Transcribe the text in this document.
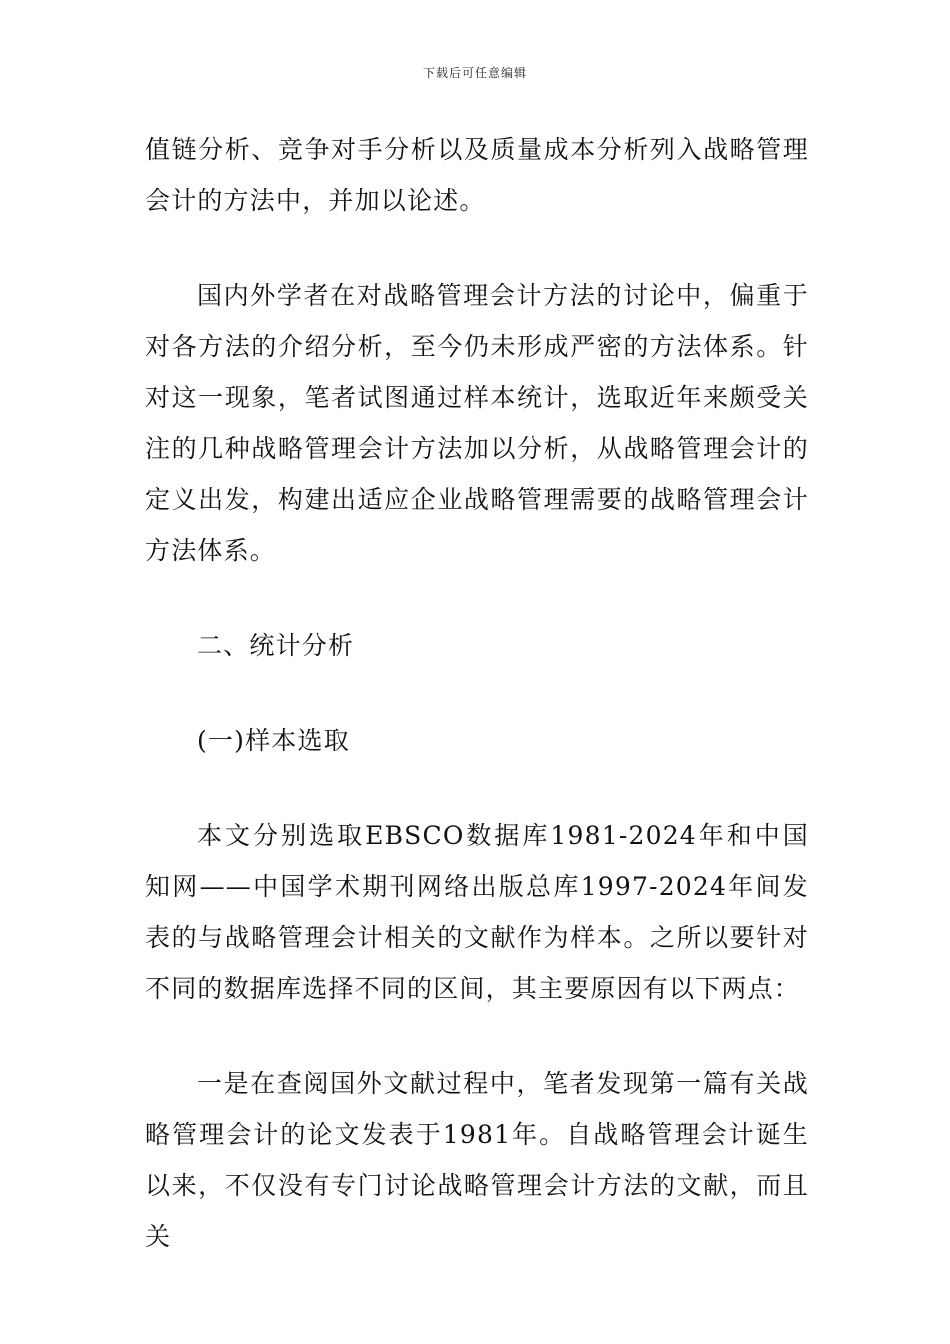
下载后可任意编辑

值链分析、竞争对手分析以及质量成本分析列入战略管理会计的方法中，并加以论述。

国内外学者在对战略管理会计方法的讨论中，偏重于对各方法的介绍分析，至今仍未形成严密的方法体系。针对这一现象，笔者试图通过样本统计，选取近年来颇受关注的几种战略管理会计方法加以分析，从战略管理会计的定义出发，构建出适应企业战略管理需要的战略管理会计方法体系。

二、统计分析

(一)样本选取

本文分别选取EBSCO数据库1981-2024年和中国知网——中国学术期刊网络出版总库1997-2024年间发表的与战略管理会计相关的文献作为样本。之所以要针对不同的数据库选择不同的区间，其主要原因有以下两点：

一是在查阅国外文献过程中，笔者发现第一篇有关战略管理会计的论文发表于1981年。自战略管理会计诞生以来，不仅没有专门讨论战略管理会计方法的文献，而且关
